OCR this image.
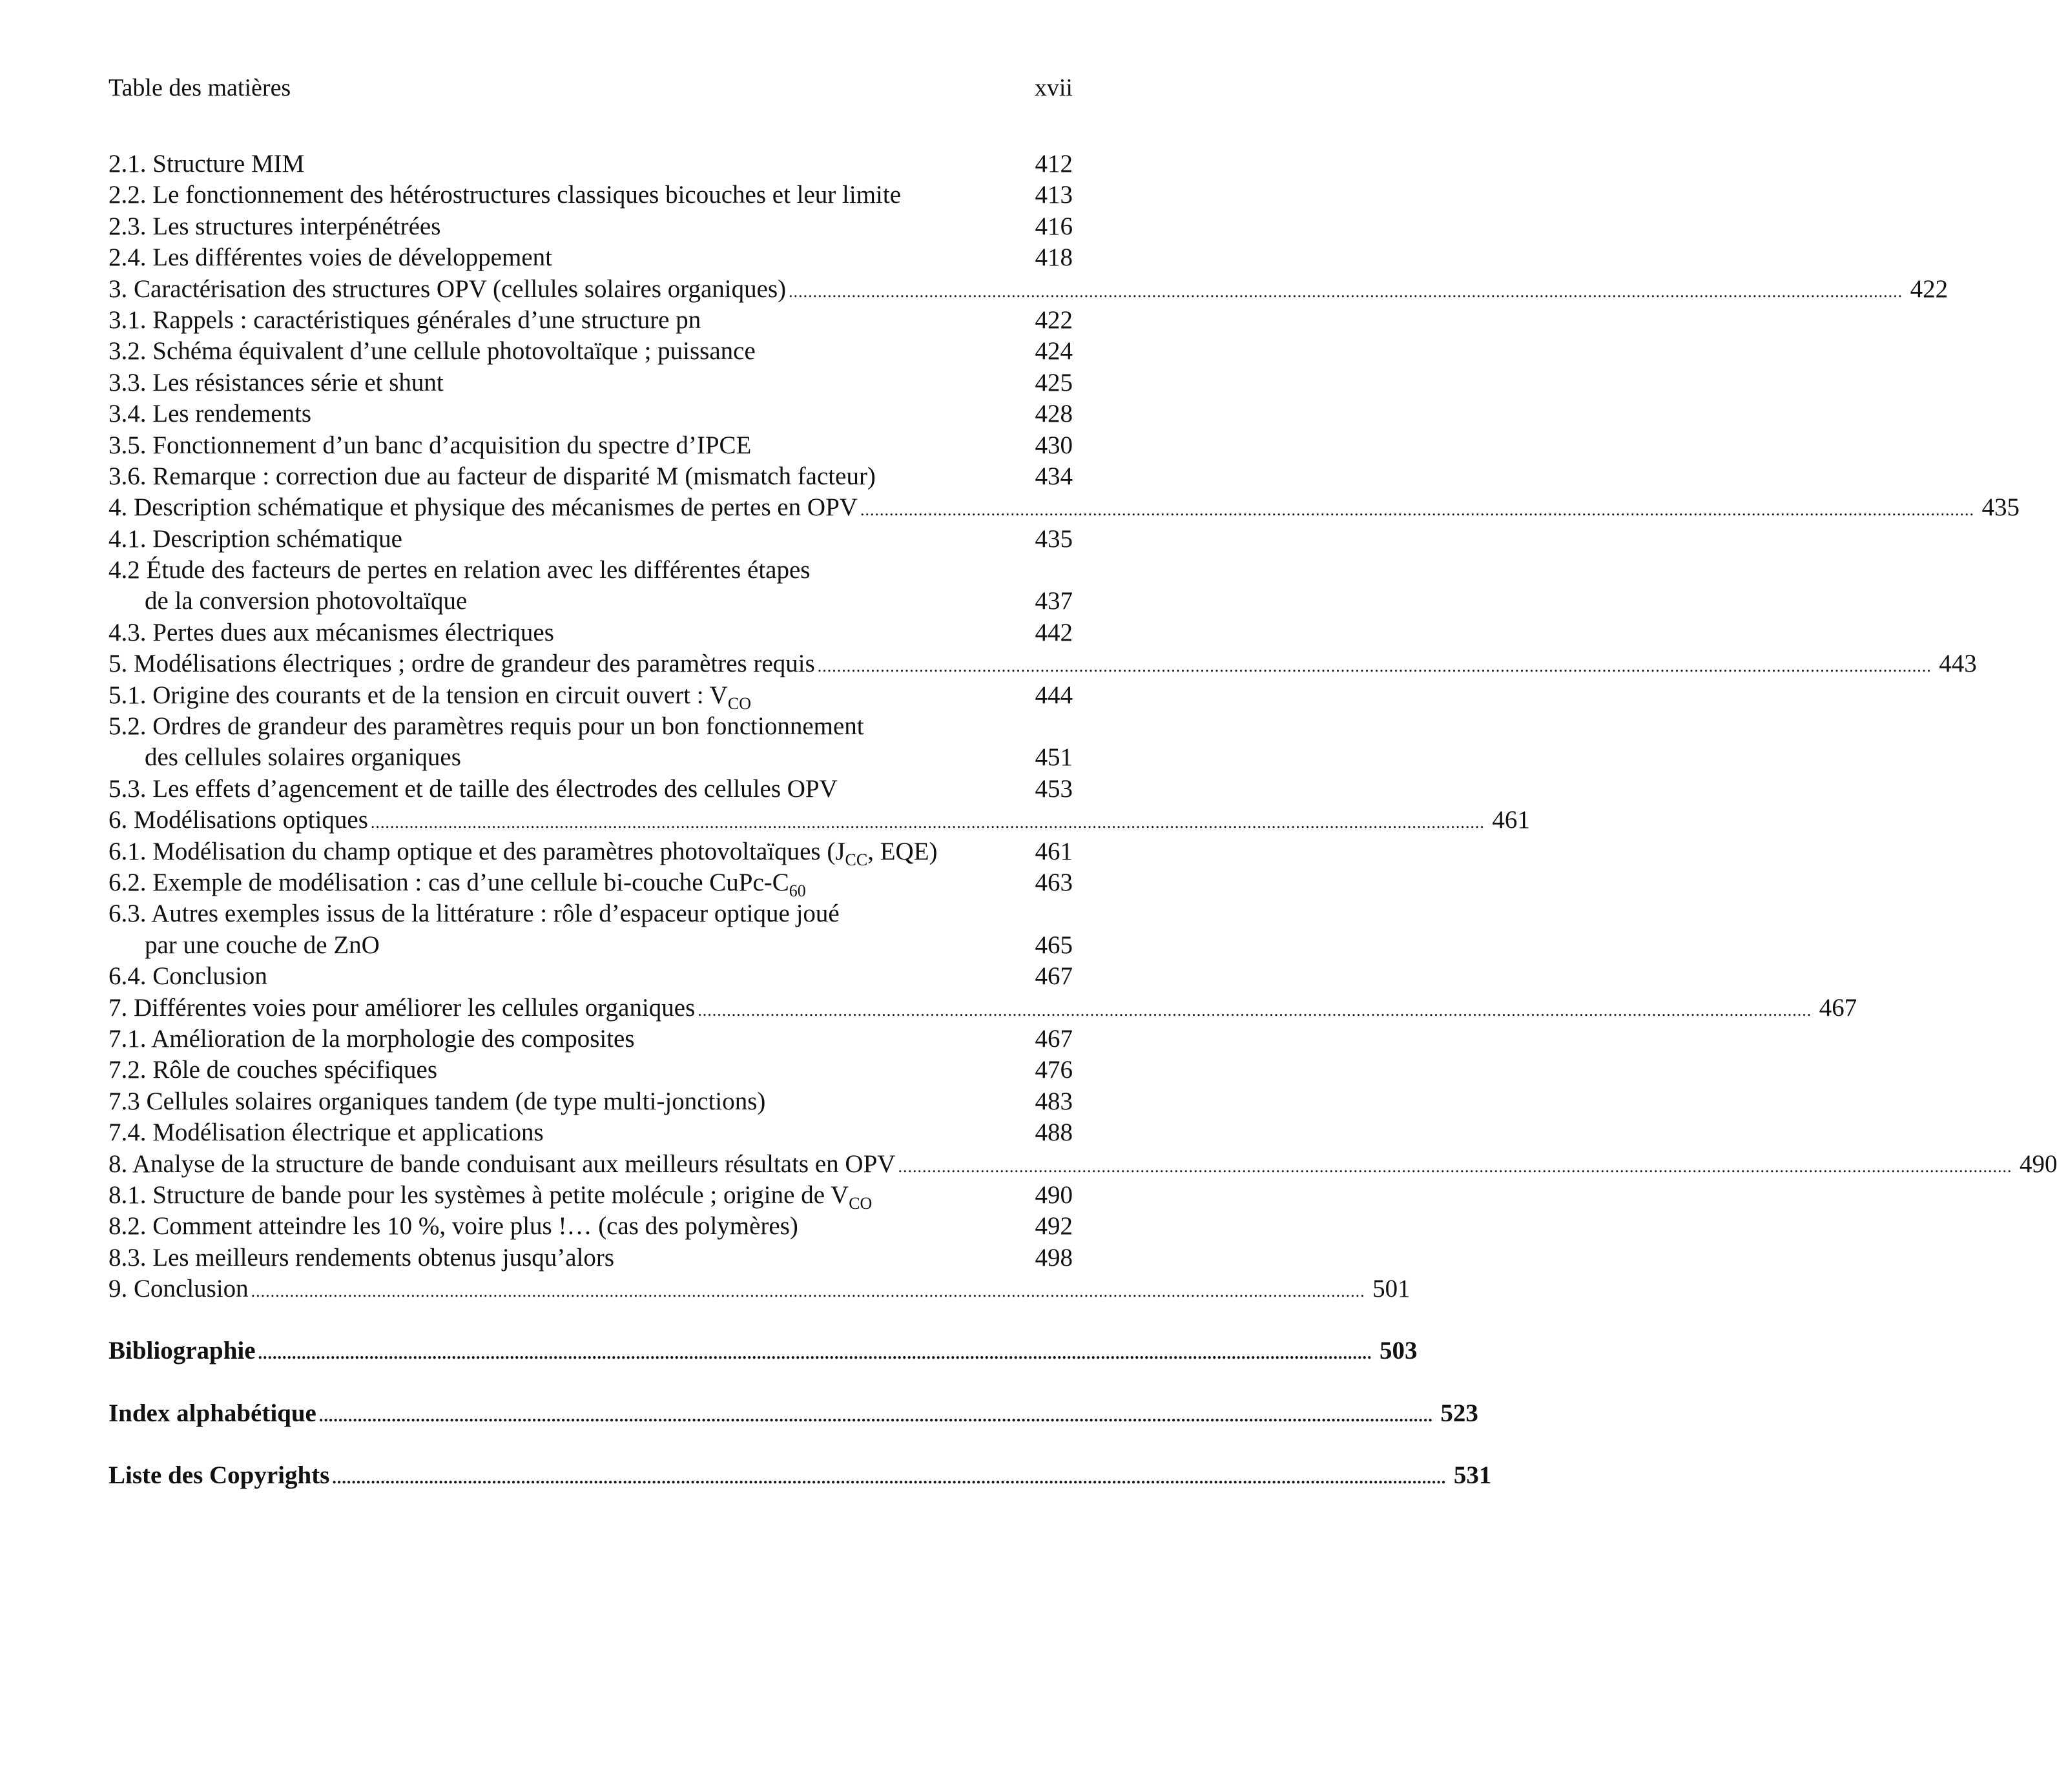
Table des matières	xvii
2.1. Structure MIM	412
2.2. Le fonctionnement des hétérostructures classiques bicouches et leur limite	413
2.3. Les structures interpénétrées	416
2.4. Les différentes voies de développement	418
3. Caractérisation des structures OPV (cellules solaires organiques) ...................................................................................................................................................................................................................................... 422
3.1. Rappels : caractéristiques générales d’une structure pn	422
3.2. Schéma équivalent d’une cellule photovoltaïque ; puissance	424
3.3. Les résistances série et shunt	425
3.4. Les rendements	428
3.5. Fonctionnement d’un banc d’acquisition du spectre d’IPCE	430
3.6. Remarque : correction due au facteur de disparité M (mismatch facteur)	434
4. Description schématique et physique des mécanismes de pertes en OPV ...................................................................................................................................................................................................................................... 435
4.1. Description schématique	435
4.2 Étude des facteurs de pertes en relation avec les différentes étapes
de la conversion photovoltaïque	437
4.3. Pertes dues aux mécanismes électriques	442
5. Modélisations électriques ; ordre de grandeur des paramètres requis ...................................................................................................................................................................................................................................... 443
5.1. Origine des courants et de la tension en circuit ouvert : $V_{CO}$	444
5.2. Ordres de grandeur des paramètres requis pour un bon fonctionnement
des cellules solaires organiques	451
5.3. Les effets d’agencement et de taille des électrodes des cellules OPV	453
6. Modélisations optiques ...................................................................................................................................................................................................................................... 461
6.1. Modélisation du champ optique et des paramètres photovoltaïques ($J_{CC}$, EQE)	461
6.2. Exemple de modélisation : cas d’une cellule bi-couche CuPc-$C_{60}$	463
6.3. Autres exemples issus de la littérature : rôle d’espaceur optique joué
par une couche de ZnO	465
6.4. Conclusion	467
7. Différentes voies pour améliorer les cellules organiques ...................................................................................................................................................................................................................................... 467
7.1. Amélioration de la morphologie des composites	467
7.2. Rôle de couches spécifiques	476
7.3 Cellules solaires organiques tandem (de type multi-jonctions)	483
7.4. Modélisation électrique et applications	488
8. Analyse de la structure de bande conduisant aux meilleurs résultats en OPV ...................................................................................................................................................................................................................................... 490
8.1. Structure de bande pour les systèmes à petite molécule ; origine de $V_{CO}$	490
8.2. Comment atteindre les 10 %, voire plus !… (cas des polymères)	492
8.3. Les meilleurs rendements obtenus jusqu’alors	498
9. Conclusion ...................................................................................................................................................................................................................................... 501
Bibliographie ...................................................................................................................................................................................................................................... 503
Index alphabétique ...................................................................................................................................................................................................................................... 523
Liste des Copyrights ...................................................................................................................................................................................................................................... 531
